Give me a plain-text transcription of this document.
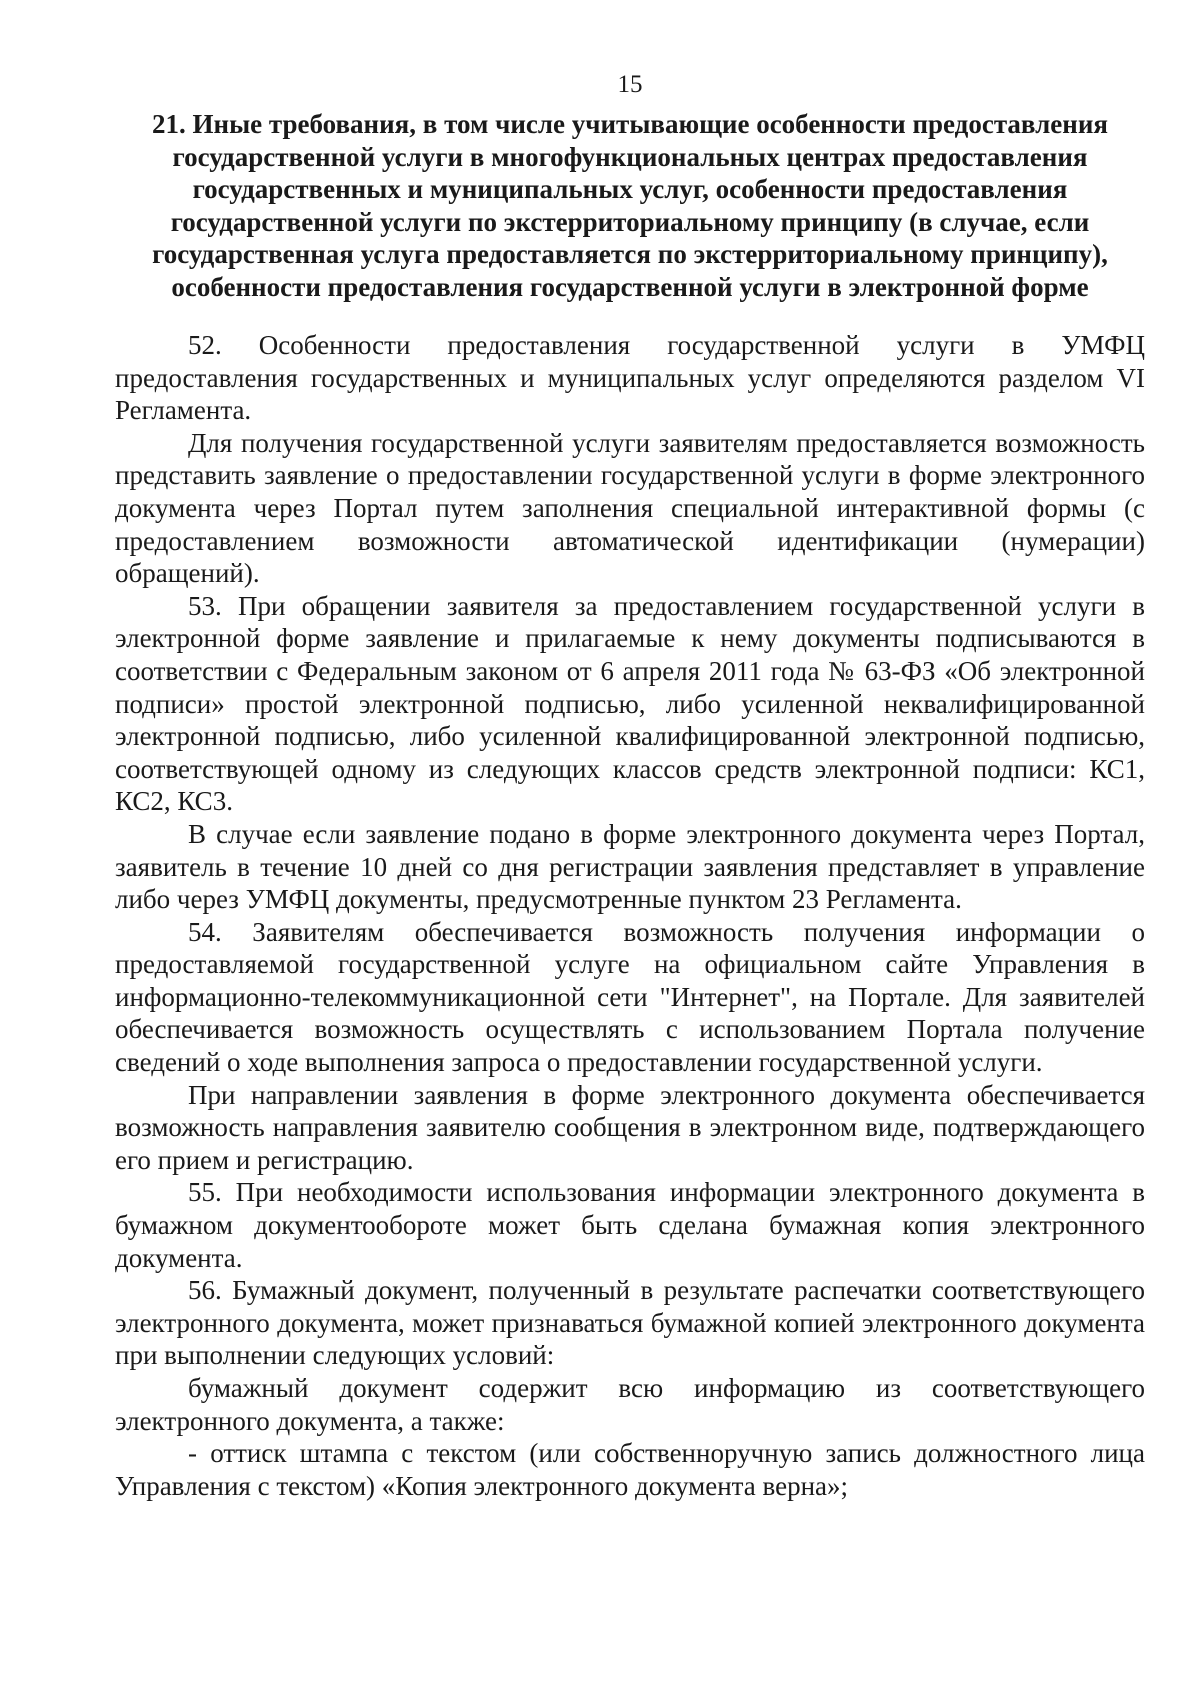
15
21. Иные требования, в том числе учитывающие особенности предоставления государственной услуги в многофункциональных центрах предоставления государственных и муниципальных услуг, особенности предоставления государственной услуги по экстерриториальному принципу (в случае, если государственная услуга предоставляется по экстерриториальному принципу), особенности предоставления государственной услуги в электронной форме

52. Особенности предоставления государственной услуги в УМФЦ предоставления государственных и муниципальных услуг определяются разделом VI Регламента.

Для получения государственной услуги заявителям предоставляется возможность представить заявление о предоставлении государственной услуги в форме электронного документа через Портал путем заполнения специальной интерактивной формы (с предоставлением возможности автоматической идентификации (нумерации) обращений).

53. При обращении заявителя за предоставлением государственной услуги в электронной форме заявление и прилагаемые к нему документы подписываются в соответствии с Федеральным законом от 6 апреля 2011 года № 63-ФЗ «Об электронной подписи» простой электронной подписью, либо усиленной неквалифицированной электронной подписью, либо усиленной квалифицированной электронной подписью, соответствующей одному из следующих классов средств электронной подписи: КС1, КС2, КС3.

В случае если заявление подано в форме электронного документа через Портал, заявитель в течение 10 дней со дня регистрации заявления представляет в управление либо через УМФЦ документы, предусмотренные пунктом 23 Регламента.

54. Заявителям обеспечивается возможность получения информации о предоставляемой государственной услуге на официальном сайте Управления в информационно-телекоммуникационной сети "Интернет", на Портале. Для заявителей обеспечивается возможность осуществлять с использованием Портала получение сведений о ходе выполнения запроса о предоставлении государственной услуги.

При направлении заявления в форме электронного документа обеспечивается возможность направления заявителю сообщения в электронном виде, подтверждающего его прием и регистрацию.

55. При необходимости использования информации электронного документа в бумажном документообороте может быть сделана бумажная копия электронного документа.

56. Бумажный документ, полученный в результате распечатки соответствующего электронного документа, может признаваться бумажной копией электронного документа при выполнении следующих условий:

бумажный документ содержит всю информацию из соответствующего электронного документа, а также:

- оттиск штампа с текстом (или собственноручную запись должностного лица Управления с текстом) «Копия электронного документа верна»;
